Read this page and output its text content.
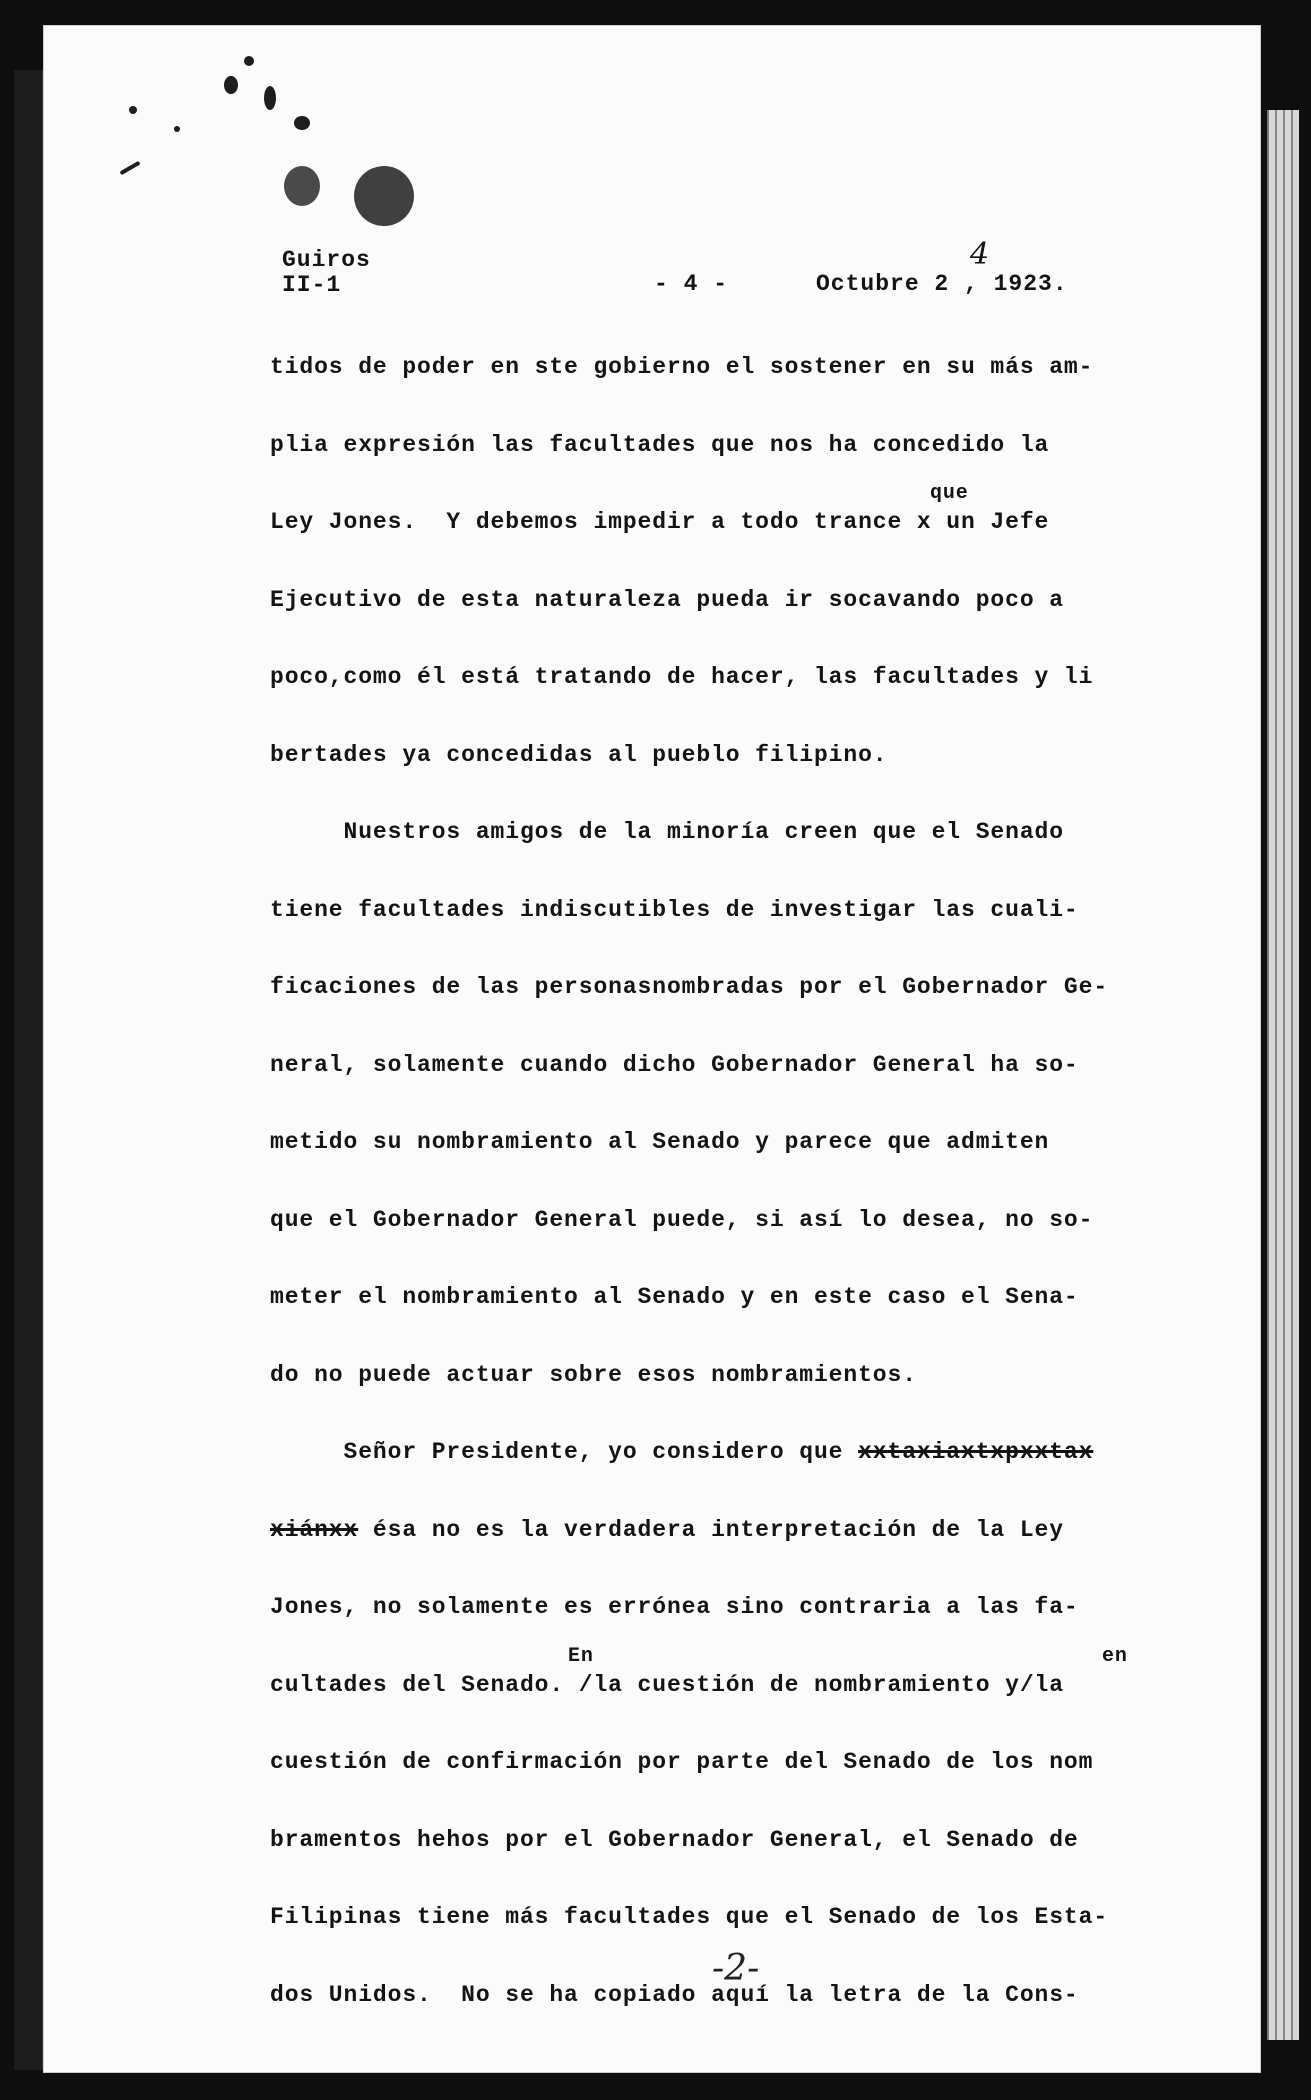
Guiros
II-1	- 4 -	Octubre 2 , 1923.
4
tidos de poder en ste gobierno el sostener en su más am-
plia expresión las facultades que nos ha concedido la
que
Ley Jones.  Y debemos impedir a todo trance x un Jefe
Ejecutivo de esta naturaleza pueda ir socavando poco a
poco,como él está tratando de hacer, las facultades y li
bertades ya concedidas al pueblo filipino.
Nuestros amigos de la minoría creen que el Senado
tiene facultades indiscutibles de investigar las cuali-
ficaciones de las personasnombradas por el Gobernador Ge-
neral, solamente cuando dicho Gobernador General ha so-
metido su nombramiento al Senado y parece que admiten
que el Gobernador General puede, si así lo desea, no so-
meter el nombramiento al Senado y en este caso el Sena-
do no puede actuar sobre esos nombramientos.
Señor Presidente, yo considero que xxtaxiaxtxpxxtax
xiánxx ésa no es la verdadera interpretación de la Ley
Jones, no solamente es errónea sino contraria a las fa-
En	en
cultades del Senado. /la cuestión de nombramiento y/la
cuestión de confirmación por parte del Senado de los nom
bramentos hehos por el Gobernador General, el Senado de
Filipinas tiene más facultades que el Senado de los Esta-
dos Unidos.  No se ha copiado aquí la letra de la Cons-
-2-
